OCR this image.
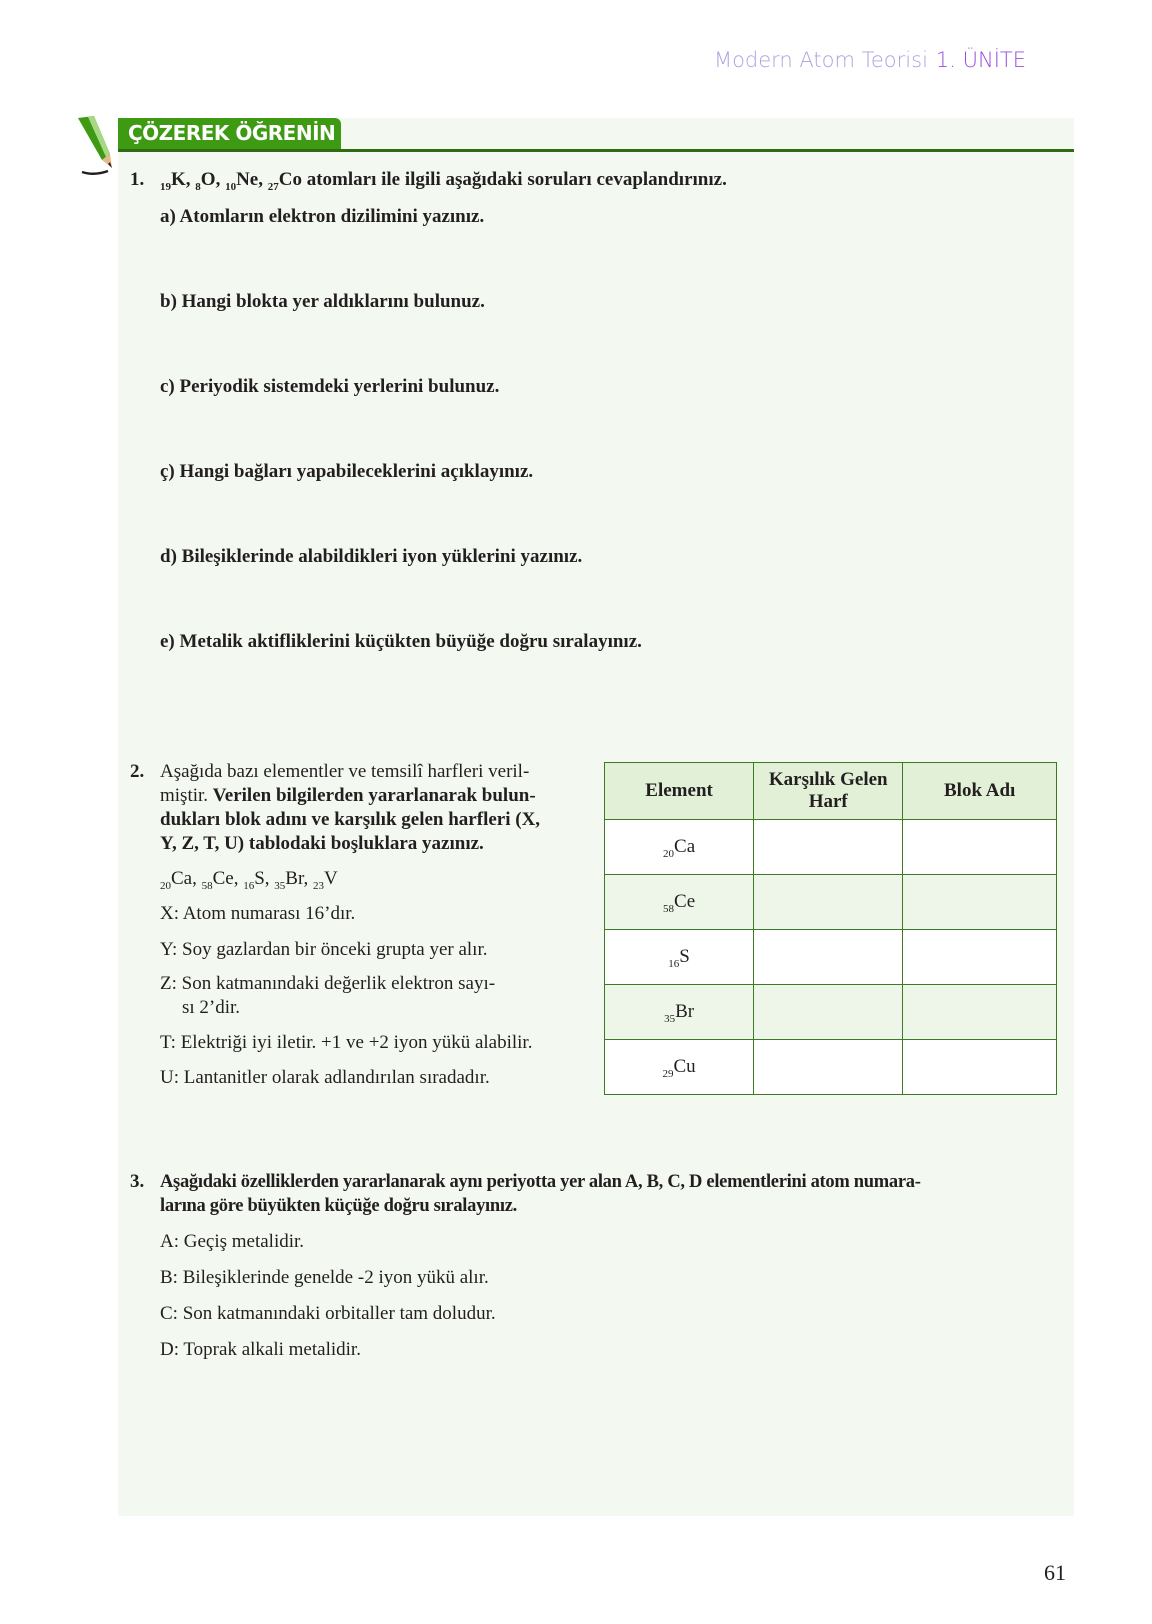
Modern Atom Teorisi 1. ÜNİTE
ÇÖZEREK ÖĞRENİN
1. $_{19}$K, $_8$O, $_{10}$Ne, $_{27}$Co atomları ile ilgili aşağıdaki soruları cevaplandırınız.
a) Atomların elektron dizilimini yazınız.
b) Hangi blokta yer aldıklarını bulunuz.
c) Periyodik sistemdeki yerlerini bulunuz.
ç) Hangi bağları yapabileceklerini açıklayınız.
d) Bileşiklerinde alabildikleri iyon yüklerini yazınız.
e) Metalik aktifliklerini küçükten büyüğe doğru sıralayınız.
2. Aşağıda bazı elementler ve temsilî harfleri veril-
miştir. Verilen bilgilerden yararlanarak bulun-
dukları blok adını ve karşılık gelen harfleri (X,
Y, Z, T, U) tablodaki boşluklara yazınız.
$_{20}$Ca, $_{58}$Ce, $_{16}$S, $_{35}$Br, $_{23}$V
X: Atom numarası 16’dır.
Y: Soy gazlardan bir önceki grupta yer alır.
Z: Son katmanındaki değerlik elektron sayı-
sı 2’dir.
T: Elektriği iyi iletir. +1 ve +2 iyon yükü alabilir.
U: Lantanitler olarak adlandırılan sıradadır.
Element	Karşılık Gelen Harf	Blok Adı
$_{20}$Ca		
$_{58}$Ce		
$_{16}$S		
$_{35}$Br		
$_{29}$Cu		
3. Aşağıdaki özelliklerden yararlanarak aynı periyotta yer alan A, B, C, D elementlerini atom numara-
larına göre büyükten küçüğe doğru sıralayınız.
A: Geçiş metalidir.
B: Bileşiklerinde genelde -2 iyon yükü alır.
C: Son katmanındaki orbitaller tam doludur.
D: Toprak alkali metalidir.
61
